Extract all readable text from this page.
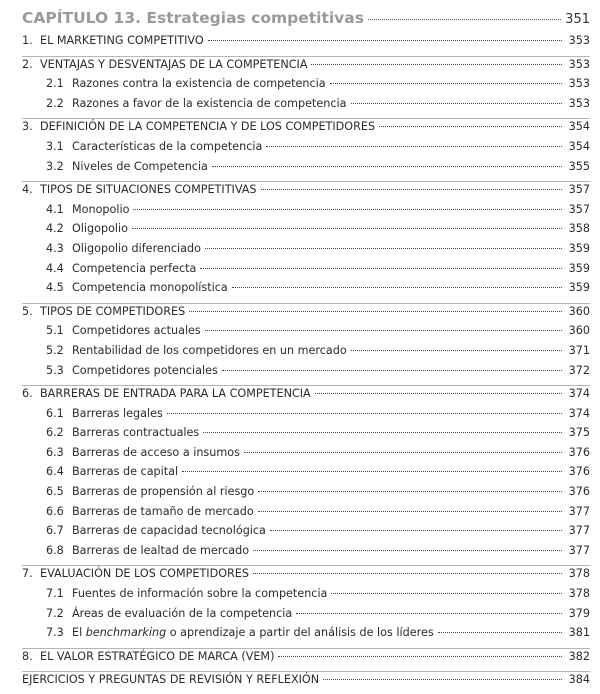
CAPÍTULO 13. Estrategias competitivas	351
1. EL MARKETING COMPETITIVO	353
2. VENTAJAS Y DESVENTAJAS DE LA COMPETENCIA	353
2.1 Razones contra la existencia de competencia	353
2.2 Razones a favor de la existencia de competencia	353
3. DEFINICIÓN DE LA COMPETENCIA Y DE LOS COMPETIDORES	354
3.1 Características de la competencia	354
3.2 Niveles de Competencia	355
4. TIPOS DE SITUACIONES COMPETITIVAS	357
4.1 Monopolio	357
4.2 Oligopolio	358
4.3 Oligopolio diferenciado	359
4.4 Competencia perfecta	359
4.5 Competencia monopolística	359
5. TIPOS DE COMPETIDORES	360
5.1 Competidores actuales	360
5.2 Rentabilidad de los competidores en un mercado	371
5.3 Competidores potenciales	372
6. BARRERAS DE ENTRADA PARA LA COMPETENCIA	374
6.1 Barreras legales	374
6.2 Barreras contractuales	375
6.3 Barreras de acceso a insumos	376
6.4 Barreras de capital	376
6.5 Barreras de propensión al riesgo	376
6.6 Barreras de tamaño de mercado	377
6.7 Barreras de capacidad tecnológica	377
6.8 Barreras de lealtad de mercado	377
7. EVALUACIÓN DE LOS COMPETIDORES	378
7.1 Fuentes de información sobre la competencia	378
7.2 Áreas de evaluación de la competencia	379
7.3 El benchmarking o aprendizaje a partir del análisis de los líderes	381
8. EL VALOR ESTRATÉGICO DE MARCA (VEM)	382
EJERCICIOS Y PREGUNTAS DE REVISIÓN Y REFLEXIÓN	384
